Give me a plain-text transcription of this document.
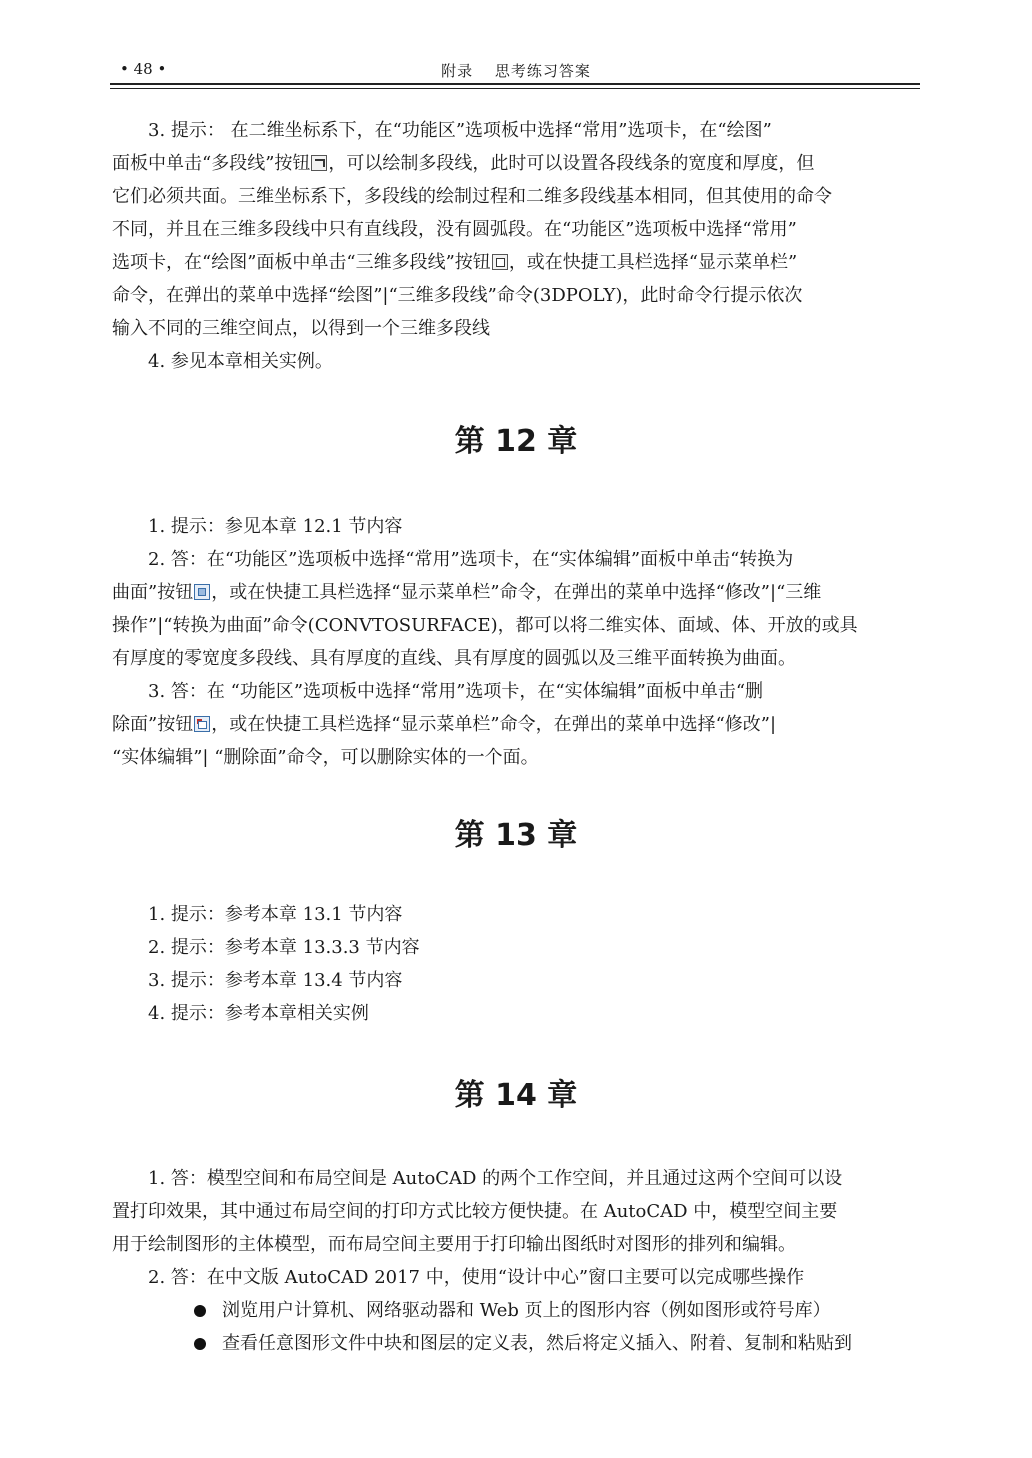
• 48 •	附录　 思考练习答案

3. 提示： 在二维坐标系下，在“功能区”选项板中选择“常用”选项卡，在“绘图”

面板中单击“多段线”按钮 ，可以绘制多段线，此时可以设置各段线条的宽度和厚度，但

它们必须共面。三维坐标系下，多段线的绘制过程和二维多段线基本相同，但其使用的命令

不同，并且在三维多段线中只有直线段，没有圆弧段。在“功能区”选项板中选择“常用”

选项卡，在“绘图”面板中单击“三维多段线”按钮 ，或在快捷工具栏选择“显示菜单栏”

命令，在弹出的菜单中选择“绘图”|“三维多段线”命令(3DPOLY)，此时命令行提示依次

输入不同的三维空间点，以得到一个三维多段线

4. 参见本章相关实例。

第 12 章

1. 提示：参见本章 12.1 节内容

2. 答：在“功能区”选项板中选择“常用”选项卡，在“实体编辑”面板中单击“转换为

曲面”按钮 ，或在快捷工具栏选择“显示菜单栏”命令，在弹出的菜单中选择“修改”|“三维

操作”|“转换为曲面”命令(CONVTOSURFACE)，都可以将二维实体、面域、体、开放的或具

有厚度的零宽度多段线、具有厚度的直线、具有厚度的圆弧以及三维平面转换为曲面。

3. 答：在 “功能区”选项板中选择“常用”选项卡，在“实体编辑”面板中单击“删

除面”按钮 ，或在快捷工具栏选择“显示菜单栏”命令，在弹出的菜单中选择“修改”|

“实体编辑”| “删除面”命令，可以删除实体的一个面。

第 13 章

1. 提示：参考本章 13.1 节内容

2. 提示：参考本章 13.3.3 节内容

3. 提示：参考本章 13.4 节内容

4. 提示：参考本章相关实例

第 14 章

1. 答：模型空间和布局空间是 AutoCAD 的两个工作空间，并且通过这两个空间可以设

置打印效果，其中通过布局空间的打印方式比较方便快捷。在 AutoCAD 中，模型空间主要

用于绘制图形的主体模型，而布局空间主要用于打印输出图纸时对图形的排列和编辑。

2. 答：在中文版 AutoCAD 2017 中，使用“设计中心”窗口主要可以完成哪些操作

浏览用户计算机、网络驱动器和 Web 页上的图形内容（例如图形或符号库）
查看任意图形文件中块和图层的定义表，然后将定义插入、附着、复制和粘贴到
